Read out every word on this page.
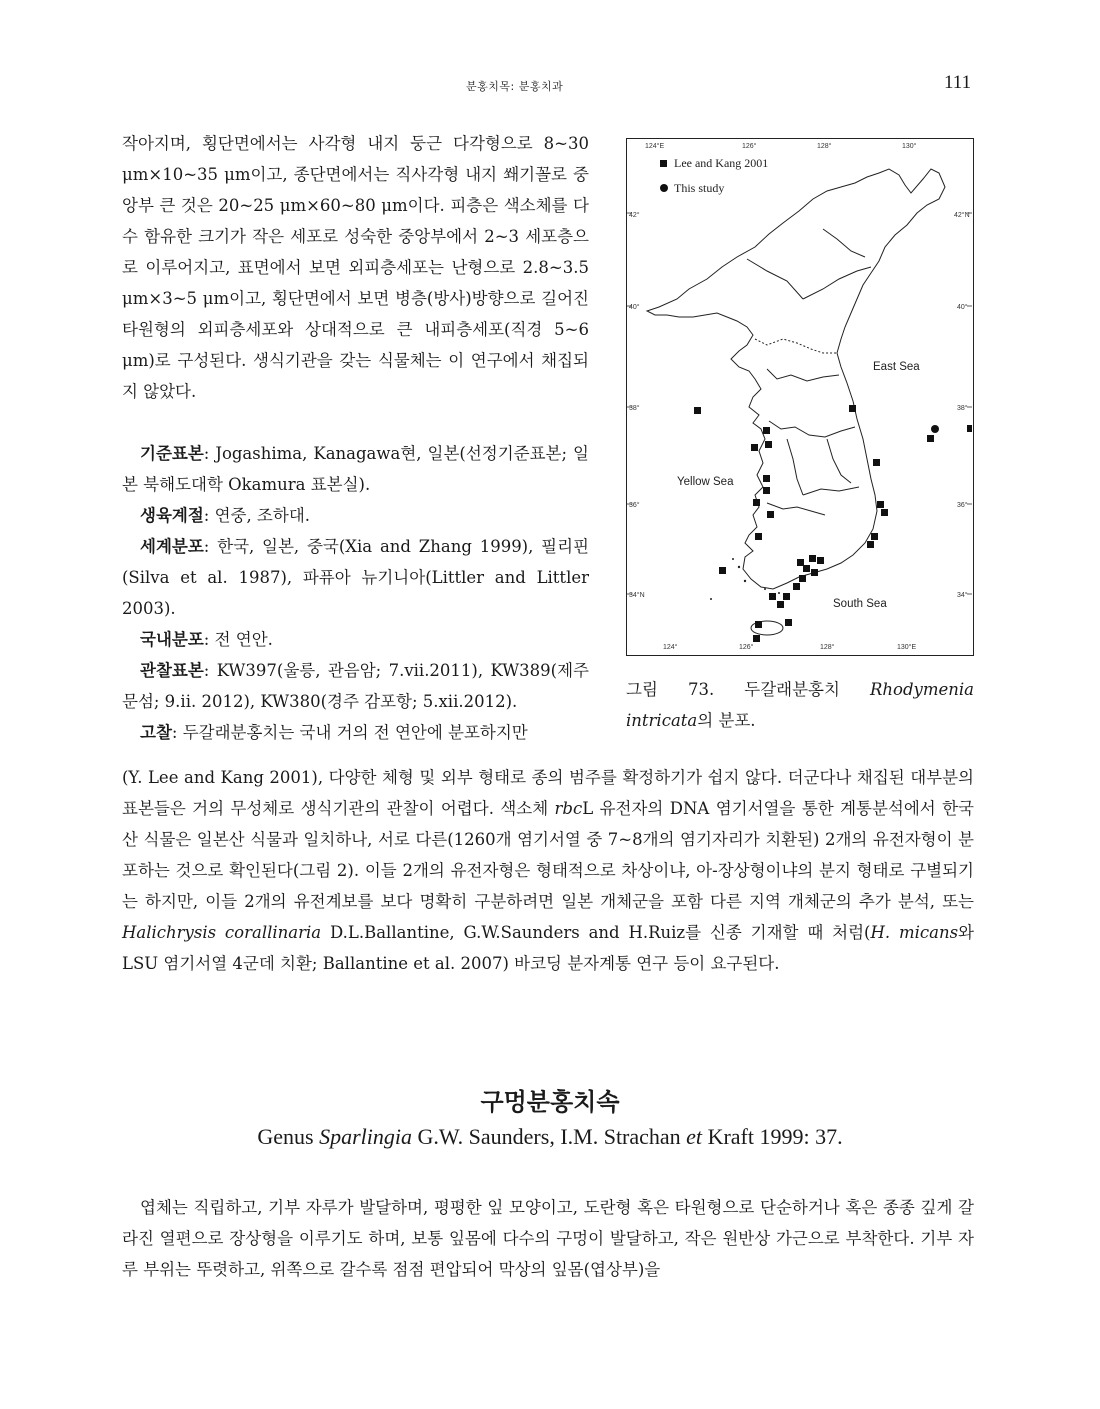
분홍치목: 분홍치과	111

작아지며, 횡단면에서는 사각형 내지 둥근 다각형으로 8~30 μm×10~35 μm이고, 종단면에서는 직사각형 내지 쐐기꼴로 중앙부 큰 것은 20~25 μm×60~80 μm이다. 피층은 색소체를 다수 함유한 크기가 작은 세포로 성숙한 중앙부에서 2~3 세포층으로 이루어지고, 표면에서 보면 외피층세포는 난형으로 2.8~3.5 μm×3~5 μm이고, 횡단면에서 보면 병층(방사)방향으로 길어진 타원형의 외피층세포와 상대적으로 큰 내피층세포(직경 5~6 μm)로 구성된다. 생식기관을 갖는 식물체는 이 연구에서 채집되지 않았다.

기준표본: Jogashima, Kanagawa현, 일본(선정기준표본; 일본 북해도대학 Okamura 표본실).

생육계절: 연중, 조하대.

세계분포: 한국, 일본, 중국(Xia and Zhang 1999), 필리핀(Silva et al. 1987), 파퓨아 뉴기니아(Littler and Littler 2003).

국내분포: 전 연안.

관찰표본: KW397(울릉, 관음암; 7.vii.2011), KW389(제주 문섬; 9.ii. 2012), KW380(경주 감포항; 5.xii.2012).

고찰: 두갈래분홍치는 국내 거의 전 연안에 분포하지만

124°E	126°	128°	130°
124°	126°	128°	130°E
42°
40°
38°
36°
34°N
42°N
40°
38°
36°
34°
Lee and Kang 2001
This study
East Sea
Yellow Sea
South Sea
그림 73. 두갈래분홍치 Rhodymenia intricata의 분포.
(Y. Lee and Kang 2001), 다양한 체형 및 외부 형태로 종의 범주를 확정하기가 쉽지 않다. 더군다나 채집된 대부분의 표본들은 거의 무성체로 생식기관의 관찰이 어렵다. 색소체 rbcL 유전자의 DNA 염기서열을 통한 계통분석에서 한국산 식물은 일본산 식물과 일치하나, 서로 다른(1260개 염기서열 중 7~8개의 염기자리가 치환된) 2개의 유전자형이 분포하는 것으로 확인된다(그림 2). 이들 2개의 유전자형은 형태적으로 차상이냐, 아-장상형이냐의 분지 형태로 구별되기는 하지만, 이들 2개의 유전계보를 보다 명확히 구분하려면 일본 개체군을 포함 다른 지역 개체군의 추가 분석, 또는 Halichrysis corallinaria D.L.Ballantine, G.W.Saunders and H.Ruiz를 신종 기재할 때 처럼(H. micans와 LSU 염기서열 4군데 치환; Ballantine et al. 2007) 바코딩 분자계통 연구 등이 요구된다.
구멍분홍치속
Genus Sparlingia G.W. Saunders, I.M. Strachan et Kraft 1999: 37.
엽체는 직립하고, 기부 자루가 발달하며, 평평한 잎 모양이고, 도란형 혹은 타원형으로 단순하거나 혹은 종종 깊게 갈라진 열편으로 장상형을 이루기도 하며, 보통 잎몸에 다수의 구멍이 발달하고, 작은 원반상 가근으로 부착한다. 기부 자루 부위는 뚜렷하고, 위쪽으로 갈수록 점점 편압되어 막상의 잎몸(엽상부)을
